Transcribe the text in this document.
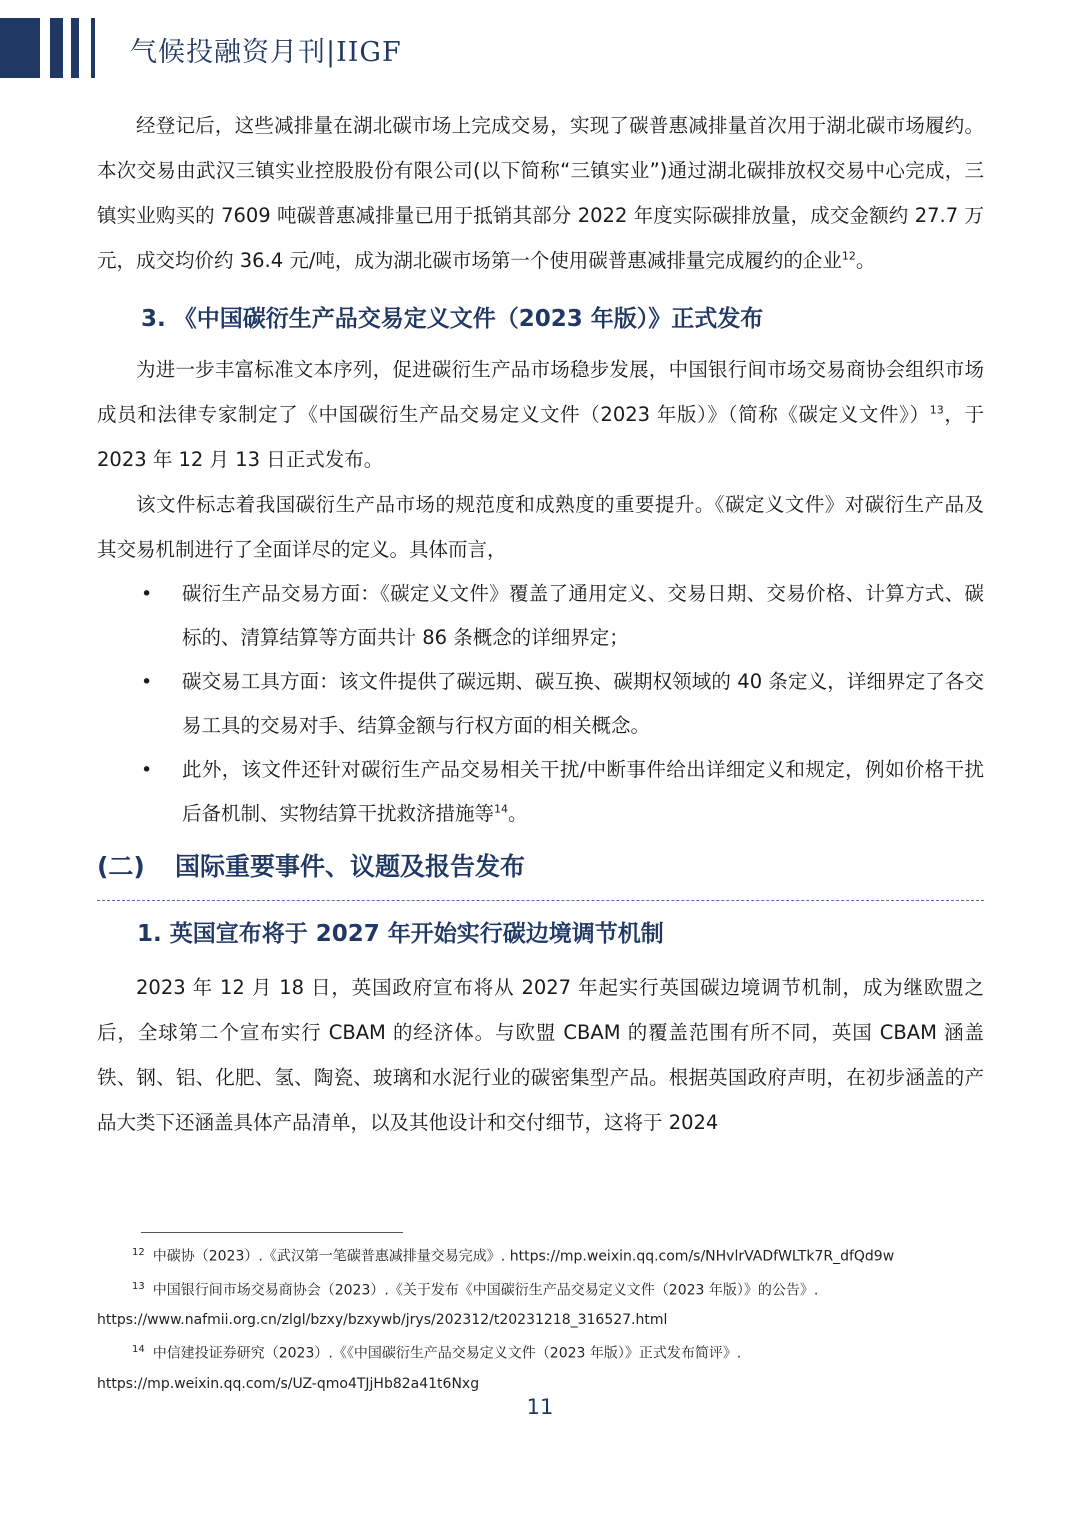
气候投融资月刊|IIGF

经登记后，这些减排量在湖北碳市场上完成交易，实现了碳普惠减排量首次用于湖北碳市场履约。本次交易由武汉三镇实业控股股份有限公司(以下简称“三镇实业”)通过湖北碳排放权交易中心完成，三镇实业购买的 7609 吨碳普惠减排量已用于抵销其部分 2022 年度实际碳排放量，成交金额约 27.7 万元，成交均价约 36.4 元/吨，成为湖北碳市场第一个使用碳普惠减排量完成履约的企业$^{12}$。

3. 《中国碳衍生产品交易定义文件（2023 年版）》正式发布

为进一步丰富标准文本序列，促进碳衍生产品市场稳步发展，中国银行间市场交易商协会组织市场成员和法律专家制定了《中国碳衍生产品交易定义文件（2023 年版）》（简称《碳定义文件》）$^{13}$，于 2023 年 12 月 13 日正式发布。

该文件标志着我国碳衍生产品市场的规范度和成熟度的重要提升。《碳定义文件》对碳衍生产品及其交易机制进行了全面详尽的定义。具体而言，

• 碳衍生产品交易方面：《碳定义文件》覆盖了通用定义、交易日期、交易价格、计算方式、碳标的、清算结算等方面共计 86 条概念的详细界定；
• 碳交易工具方面：该文件提供了碳远期、碳互换、碳期权领域的 40 条定义，详细界定了各交易工具的交易对手、结算金额与行权方面的相关概念。
• 此外，该文件还针对碳衍生产品交易相关干扰/中断事件给出详细定义和规定，例如价格干扰后备机制、实物结算干扰救济措施等$^{14}$。
(二) 国际重要事件、议题及报告发布
1. 英国宣布将于 2027 年开始实行碳边境调节机制

2023 年 12 月 18 日，英国政府宣布将从 2027 年起实行英国碳边境调节机制，成为继欧盟之后，全球第二个宣布实行 CBAM 的经济体。与欧盟 CBAM 的覆盖范围有所不同，英国 CBAM 涵盖铁、钢、铝、化肥、氢、陶瓷、玻璃和水泥行业的碳密集型产品。根据英国政府声明，在初步涵盖的产品大类下还涵盖具体产品清单，以及其他设计和交付细节，这将于 2024

$^{12}$ 中碳协（2023）.《武汉第一笔碳普惠减排量交易完成》. https://mp.weixin.qq.com/s/NHvlrVADfWLTk7R_dfQd9w
$^{13}$ 中国银行间市场交易商协会（2023）.《关于发布《中国碳衍生产品交易定义文件（2023 年版）》的公告》.
https://www.nafmii.org.cn/zlgl/bzxy/bzxywb/jrys/202312/t20231218_316527.html
$^{14}$ 中信建投证券研究（2023）.《《中国碳衍生产品交易定义文件（2023 年版）》正式发布简评》.
https://mp.weixin.qq.com/s/UZ-qmo4TJjHb82a41t6Nxg
11
